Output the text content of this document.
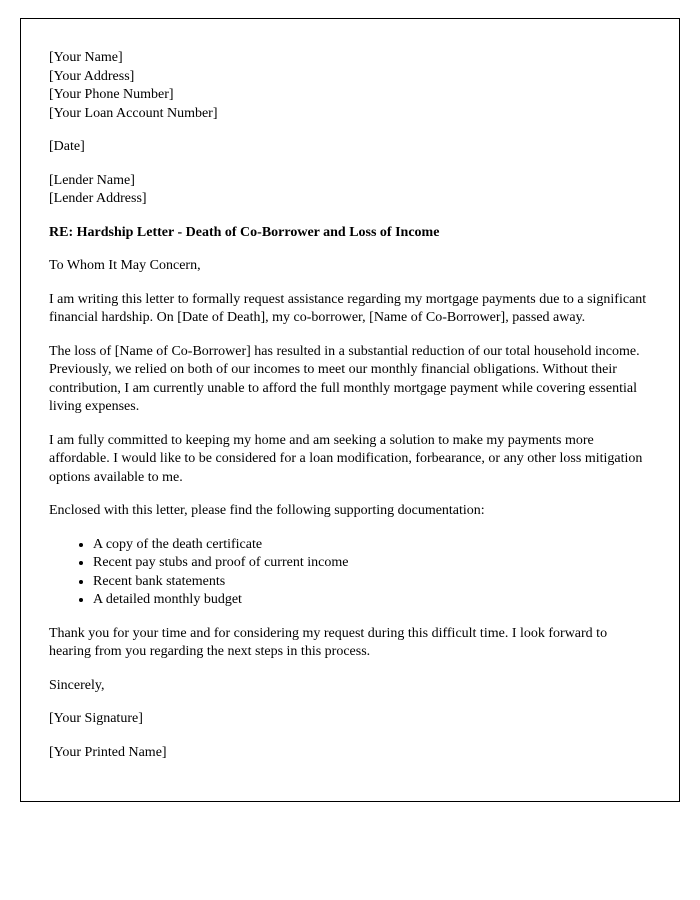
[Your Name]
[Your Address]
[Your Phone Number]
[Your Loan Account Number]
[Date]
[Lender Name]
[Lender Address]
RE: Hardship Letter - Death of Co-Borrower and Loss of Income
To Whom It May Concern,

I am writing this letter to formally request assistance regarding my mortgage payments due to a significant financial hardship. On [Date of Death], my co-borrower, [Name of Co-Borrower], passed away.

The loss of [Name of Co-Borrower] has resulted in a substantial reduction of our total household income. Previously, we relied on both of our incomes to meet our monthly financial obligations. Without their contribution, I am currently unable to afford the full monthly mortgage payment while covering essential living expenses.

I am fully committed to keeping my home and am seeking a solution to make my payments more affordable. I would like to be considered for a loan modification, forbearance, or any other loss mitigation options available to me.

Enclosed with this letter, please find the following supporting documentation:

• A copy of the death certificate
• Recent pay stubs and proof of current income
• Recent bank statements
• A detailed monthly budget

Thank you for your time and for considering my request during this difficult time. I look forward to hearing from you regarding the next steps in this process.

Sincerely,
[Your Signature]
[Your Printed Name]
